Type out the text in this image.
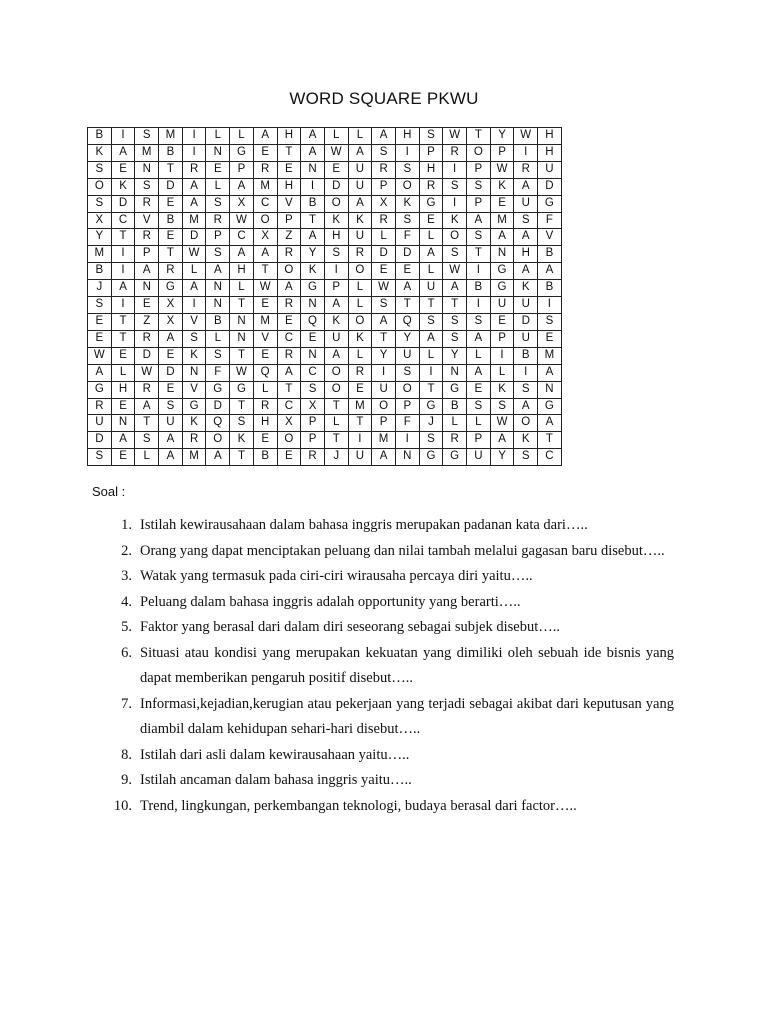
WORD SQUARE PKWU
B	I	S	M	I	L	L	A	H	A	L	L	A	H	S	W	T	Y	W	H
K	A	M	B	I	N	G	E	T	A	W	A	S	I	P	R	O	P	I	H
S	E	N	T	R	E	P	R	E	N	E	U	R	S	H	I	P	W	R	U
O	K	S	D	A	L	A	M	H	I	D	U	P	O	R	S	S	K	A	D
S	D	R	E	A	S	X	C	V	B	O	A	X	K	G	I	P	E	U	G
X	C	V	B	M	R	W	O	P	T	K	K	R	S	E	K	A	M	S	F
Y	T	R	E	D	P	C	X	Z	A	H	U	L	F	L	O	S	A	A	V
M	I	P	T	W	S	A	A	R	Y	S	R	D	D	A	S	T	N	H	B
B	I	A	R	L	A	H	T	O	K	I	O	E	E	L	W	I	G	A	A
J	A	N	G	A	N	L	W	A	G	P	L	W	A	U	A	B	G	K	B
S	I	E	X	I	N	T	E	R	N	A	L	S	T	T	T	I	U	U	I
E	T	Z	X	V	B	N	M	E	Q	K	O	A	Q	S	S	S	E	D	S
E	T	R	A	S	L	N	V	C	E	U	K	T	Y	A	S	A	P	U	E
W	E	D	E	K	S	T	E	R	N	A	L	Y	U	L	Y	L	I	B	M
A	L	W	D	N	F	W	Q	A	C	O	R	I	S	I	N	A	L	I	A
G	H	R	E	V	G	G	L	T	S	O	E	U	O	T	G	E	K	S	N
R	E	A	S	G	D	T	R	C	X	T	M	O	P	G	B	S	S	A	G
U	N	T	U	K	Q	S	H	X	P	L	T	P	F	J	L	L	W	O	A
D	A	S	A	R	O	K	E	O	P	T	I	M	I	S	R	P	A	K	T
S	E	L	A	M	A	T	B	E	R	J	U	A	N	G	G	U	Y	S	C
Soal :
1. Istilah kewirausahaan dalam bahasa inggris merupakan padanan kata dari…..
2. Orang yang dapat menciptakan peluang dan nilai tambah melalui gagasan baru disebut…..
3. Watak yang termasuk pada ciri-ciri wirausaha percaya diri yaitu…..
4. Peluang dalam bahasa inggris adalah opportunity yang berarti…..
5. Faktor yang berasal dari dalam diri seseorang sebagai subjek disebut…..
6. Situasi atau kondisi yang merupakan kekuatan yang dimiliki oleh sebuah ide bisnis yang dapat memberikan pengaruh positif disebut…..
7. Informasi,kejadian,kerugian atau pekerjaan yang terjadi sebagai akibat dari keputusan yang diambil dalam kehidupan sehari-hari disebut…..
8. Istilah dari asli dalam kewirausahaan yaitu…..
9. Istilah ancaman dalam bahasa inggris yaitu…..
10. Trend, lingkungan, perkembangan teknologi, budaya berasal dari factor…..
